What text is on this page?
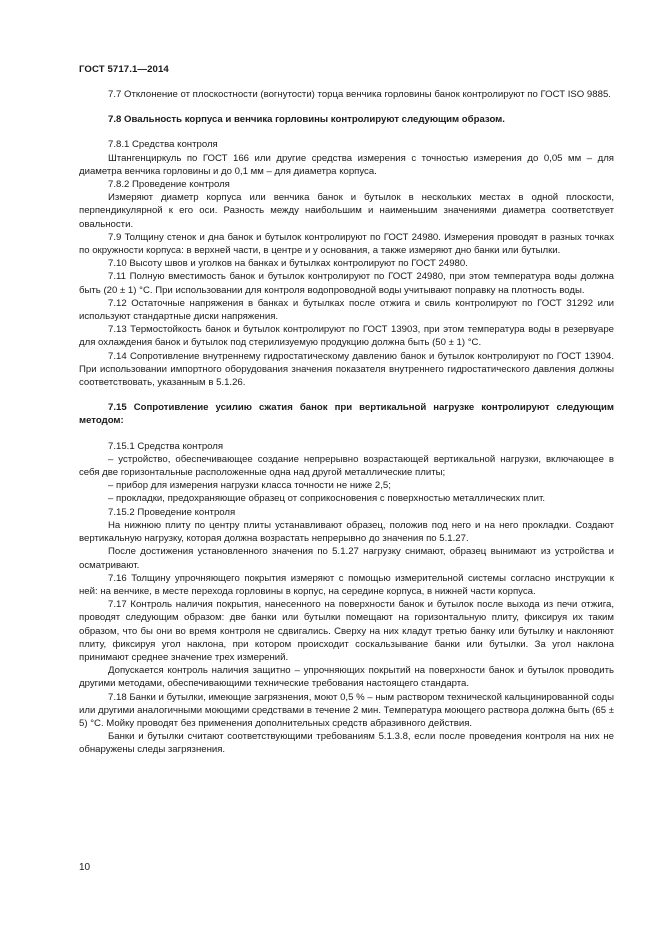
ГОСТ 5717.1—2014

7.7 Отклонение от плоскостности (вогнутости) торца венчика горловины банок контролируют по ГОСТ ISO 9885.

7.8 Овальность корпуса и венчика горловины контролируют следующим образом.

7.8.1 Средства контроля

Штангенциркуль по ГОСТ 166 или другие средства измерения с точностью измерения до 0,05 мм – для диаметра венчика горловины и до 0,1 мм – для диаметра корпуса.

7.8.2 Проведение контроля

Измеряют диаметр корпуса или венчика банок и бутылок в нескольких местах в одной плоскости, перпендикулярной к его оси. Разность между наибольшим и наименьшим значениями диаметра соответствует овальности.

7.9 Толщину стенок и дна банок и бутылок контролируют по ГОСТ 24980. Измерения проводят в разных точках по окружности корпуса: в верхней части, в центре и у основания, а также измеряют дно банки или бутылки.

7.10 Высоту швов и уголков на банках и бутылках контролируют по ГОСТ 24980.

7.11 Полную вместимость банок и бутылок контролируют по ГОСТ 24980, при этом температура воды должна быть (20 ± 1) °С. При использовании для контроля водопроводной воды учитывают поправку на плотность воды.

7.12 Остаточные напряжения в банках и бутылках после отжига и свиль контролируют по ГОСТ 31292 или используют стандартные диски напряжения.

7.13 Термостойкость банок и бутылок контролируют по ГОСТ 13903, при этом температура воды в резервуаре для охлаждения банок и бутылок под стерилизуемую продукцию должна быть (50 ± 1) °С.

7.14 Сопротивление внутреннему гидростатическому давлению банок и бутылок контролируют по ГОСТ 13904. При использовании импортного оборудования значения показателя внутреннего гидростатического давления должны соответствовать, указанным в 5.1.26.

7.15 Сопротивление усилию сжатия банок при вертикальной нагрузке контролируют следующим методом:

7.15.1 Средства контроля

– устройство, обеспечивающее создание непрерывно возрастающей вертикальной нагрузки, включающее в себя две горизонтальные расположенные одна над другой металлические плиты;

– прибор для измерения нагрузки класса точности не ниже 2,5;

– прокладки, предохраняющие образец от соприкосновения с поверхностью металлических плит.

7.15.2 Проведение контроля

На нижнюю плиту по центру плиты устанавливают образец, положив под него и на него прокладки. Создают вертикальную нагрузку, которая должна возрастать непрерывно до значения по 5.1.27.

После достижения установленного значения по 5.1.27 нагрузку снимают, образец вынимают из устройства и осматривают.

7.16 Толщину упрочняющего покрытия измеряют с помощью измерительной системы согласно инструкции к ней: на венчике, в месте перехода горловины в корпус, на середине корпуса, в нижней части корпуса.

7.17 Контроль наличия покрытия, нанесенного на поверхности банок и бутылок после выхода из печи отжига, проводят следующим образом: две банки или бутылки помещают на горизонтальную плиту, фиксируя их таким образом, что бы они во время контроля не сдвигались. Сверху на них кладут третью банку или бутылку и наклоняют плиту, фиксируя угол наклона, при котором происходит соскальзывание банки или бутылки. За угол наклона принимают среднее значение трех измерений.

Допускается контроль наличия защитно – упрочняющих покрытий на поверхности банок и бутылок проводить другими методами, обеспечивающими технические требования настоящего стандарта.

7.18 Банки и бутылки, имеющие загрязнения, моют 0,5 % – ным раствором технической кальцинированной соды или другими аналогичными моющими средствами в течение 2 мин. Температура моющего раствора должна быть (65 ± 5) °С. Мойку проводят без применения дополнительных средств абразивного действия.

Банки и бутылки считают соответствующими требованиям 5.1.3.8, если после проведения контроля на них не обнаружены следы загрязнения.

10
